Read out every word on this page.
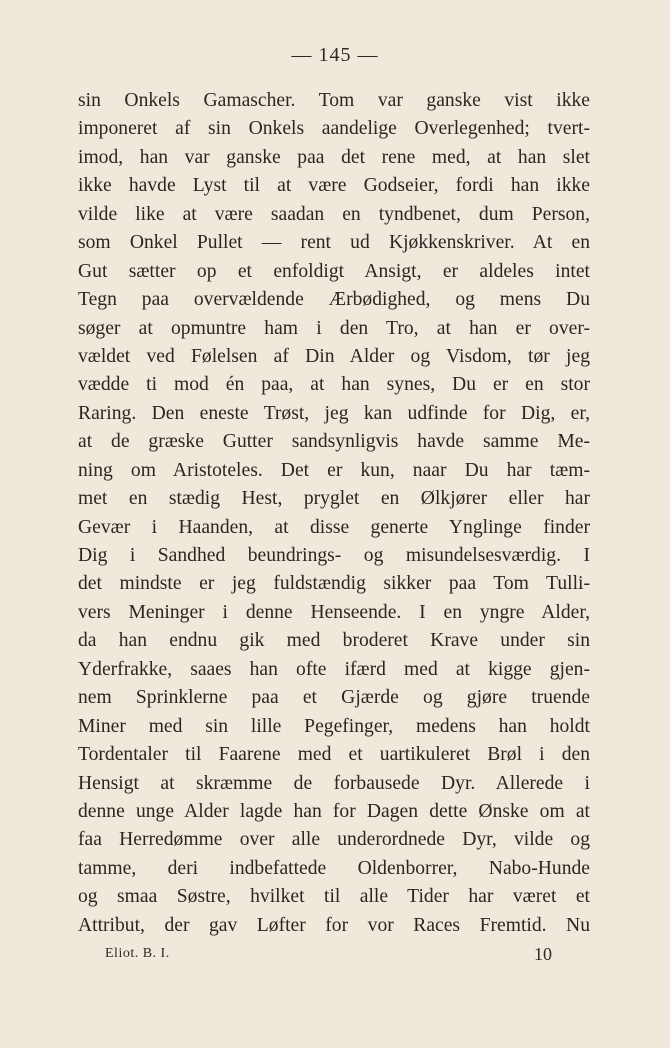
— 145 —
sin Onkels Gamascher. Tom var ganske vist ikke
imponeret af sin Onkels aandelige Overlegenhed; tvert-
imod, han var ganske paa det rene med, at han slet
ikke havde Lyst til at være Godseier, fordi han ikke
vilde like at være saadan en tyndbenet, dum Person,
som Onkel Pullet — rent ud Kjøkkenskriver. At en
Gut sætter op et enfoldigt Ansigt, er aldeles intet
Tegn paa overvældende Ærbødighed, og mens Du
søger at opmuntre ham i den Tro, at han er over-
vældet ved Følelsen af Din Alder og Visdom, tør jeg
vædde ti mod én paa, at han synes, Du er en stor
Raring. Den eneste Trøst, jeg kan udfinde for Dig, er,
at de græske Gutter sandsynligvis havde samme Me-
ning om Aristoteles. Det er kun, naar Du har tæm-
met en stædig Hest, pryglet en Ølkjører eller har
Gevær i Haanden, at disse generte Ynglinge finder
Dig i Sandhed beundrings- og misundelsesværdig. I
det mindste er jeg fuldstændig sikker paa Tom Tulli-
vers Meninger i denne Henseende. I en yngre Alder,
da han endnu gik med broderet Krave under sin
Yderfrakke, saaes han ofte ifærd med at kigge gjen-
nem Sprinklerne paa et Gjærde og gjøre truende
Miner med sin lille Pegefinger, medens han holdt
Tordentaler til Faarene med et uartikuleret Brøl i den
Hensigt at skræmme de forbausede Dyr. Allerede i
denne unge Alder lagde han for Dagen dette Ønske om at
faa Herredømme over alle underordnede Dyr, vilde og
tamme, deri indbefattede Oldenborrer, Nabo-Hunde
og smaa Søstre, hvilket til alle Tider har været et
Attribut, der gav Løfter for vor Races Fremtid. Nu
Eliot. B. I.	10
